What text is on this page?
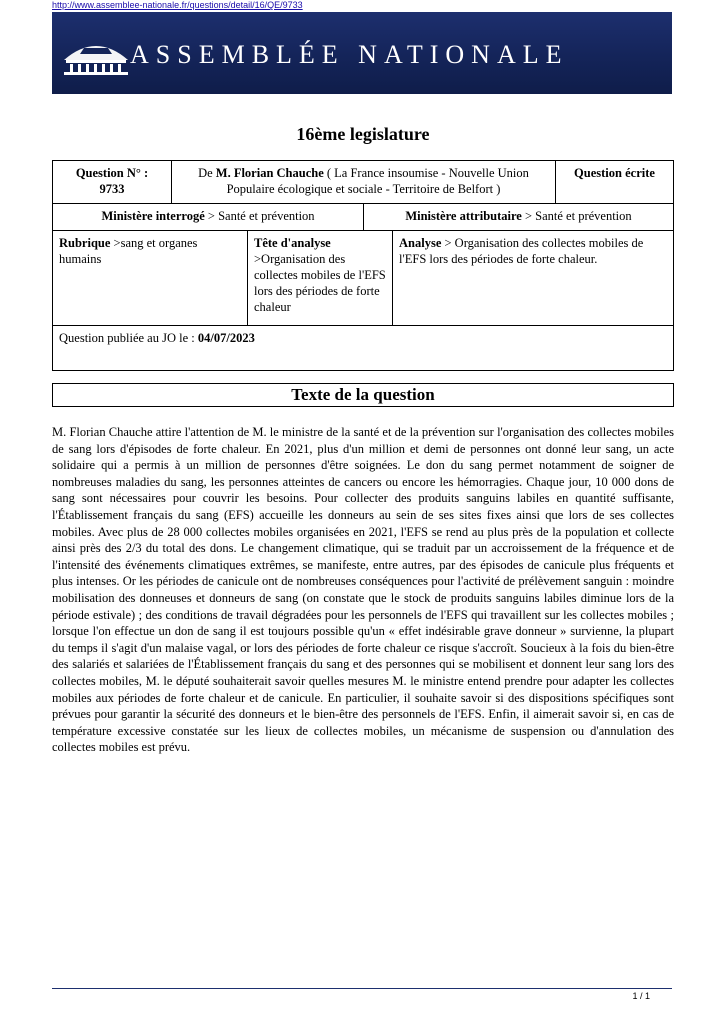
http://www.assemblee-nationale.fr/questions/detail/16/QE/9733
ASSEMBLÉE NATIONALE
16ème legislature
Question N° :
9733
De M. Florian Chauche ( La France insoumise - Nouvelle Union Populaire écologique et sociale - Territoire de Belfort )
Question écrite
Ministère interrogé > Santé et prévention	Ministère attributaire > Santé et prévention
Rubrique >sang et organes humains
Tête d'analyse
>Organisation des collectes mobiles de l'EFS lors des périodes de forte chaleur
Analyse > Organisation des collectes mobiles de l'EFS lors des périodes de forte chaleur.
Question publiée au JO le : 04/07/2023
Texte de la question
M. Florian Chauche attire l'attention de M. le ministre de la santé et de la prévention sur l'organisation des collectes mobiles de sang lors d'épisodes de forte chaleur. En 2021, plus d'un million et demi de personnes ont donné leur sang, un acte solidaire qui a permis à un million de personnes d'être soignées. Le don du sang permet notamment de soigner de nombreuses maladies du sang, les personnes atteintes de cancers ou encore les hémorragies. Chaque jour, 10 000 dons de sang sont nécessaires pour couvrir les besoins. Pour collecter des produits sanguins labiles en quantité suffisante, l'Établissement français du sang (EFS) accueille les donneurs au sein de ses sites fixes ainsi que lors de ses collectes mobiles. Avec plus de 28 000 collectes mobiles organisées en 2021, l'EFS se rend au plus près de la population et collecte ainsi près des 2/3 du total des dons. Le changement climatique, qui se traduit par un accroissement de la fréquence et de l'intensité des événements climatiques extrêmes, se manifeste, entre autres, par des épisodes de canicule plus fréquents et plus intenses. Or les périodes de canicule ont de nombreuses conséquences pour l'activité de prélèvement sanguin : moindre mobilisation des donneuses et donneurs de sang (on constate que le stock de produits sanguins labiles diminue lors de la période estivale) ; des conditions de travail dégradées pour les personnels de l'EFS qui travaillent sur les collectes mobiles ; lorsque l'on effectue un don de sang il est toujours possible qu'un « effet indésirable grave donneur » survienne, la plupart du temps il s'agit d'un malaise vagal, or lors des périodes de forte chaleur ce risque s'accroît. Soucieux à la fois du bien-être des salariés et salariées de l'Établissement français du sang et des personnes qui se mobilisent et donnent leur sang lors des collectes mobiles, M. le député souhaiterait savoir quelles mesures M. le ministre entend prendre pour adapter les collectes mobiles aux périodes de forte chaleur et de canicule. En particulier, il souhaite savoir si des dispositions spécifiques sont prévues pour garantir la sécurité des donneurs et le bien-être des personnels de l'EFS. Enfin, il aimerait savoir si, en cas de température excessive constatée sur les lieux de collectes mobiles, un mécanisme de suspension ou d'annulation des collectes mobiles est prévu.
1 / 1
